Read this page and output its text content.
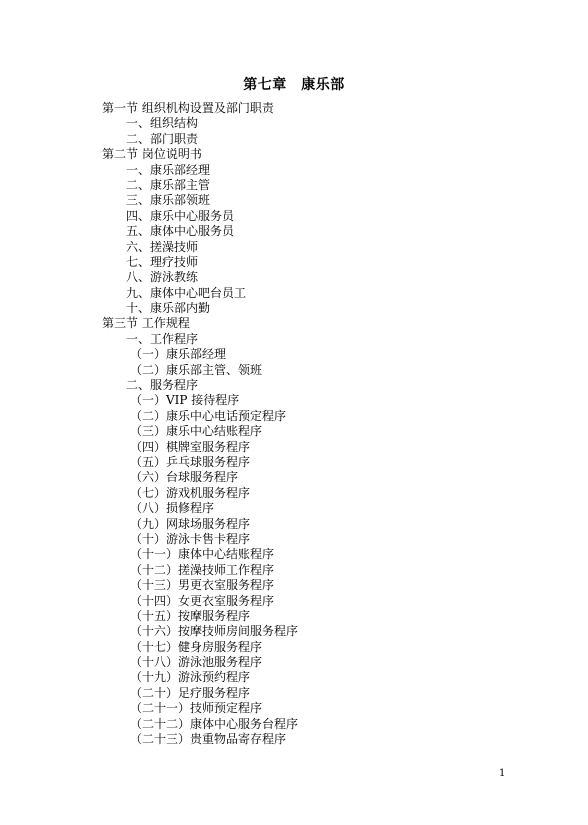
第七章　康乐部
第一节 组织机构设置及部门职责
一、组织结构
二、部门职责
第二节 岗位说明书
一、康乐部经理
二、康乐部主管
三、康乐部领班
四、康乐中心服务员
五、康体中心服务员
六、搓澡技师
七、理疗技师
八、游泳教练
九、康体中心吧台员工
十、康乐部内勤
第三节 工作规程
一、工作程序
（一）康乐部经理
（二）康乐部主管、领班
二、服务程序
（一）VIP 接待程序
（二）康乐中心电话预定程序
（三）康乐中心结账程序
（四）棋牌室服务程序
（五）乒乓球服务程序
（六）台球服务程序
（七）游戏机服务程序
（八）损修程序
（九）网球场服务程序
（十）游泳卡售卡程序
（十一）康体中心结账程序
（十二）搓澡技师工作程序
（十三）男更衣室服务程序
（十四）女更衣室服务程序
（十五）按摩服务程序
（十六）按摩技师房间服务程序
（十七）健身房服务程序
（十八）游泳池服务程序
（十九）游泳预约程序
（二十）足疗服务程序
（二十一）技师预定程序
（二十二）康体中心服务台程序
（二十三）贵重物品寄存程序
1
